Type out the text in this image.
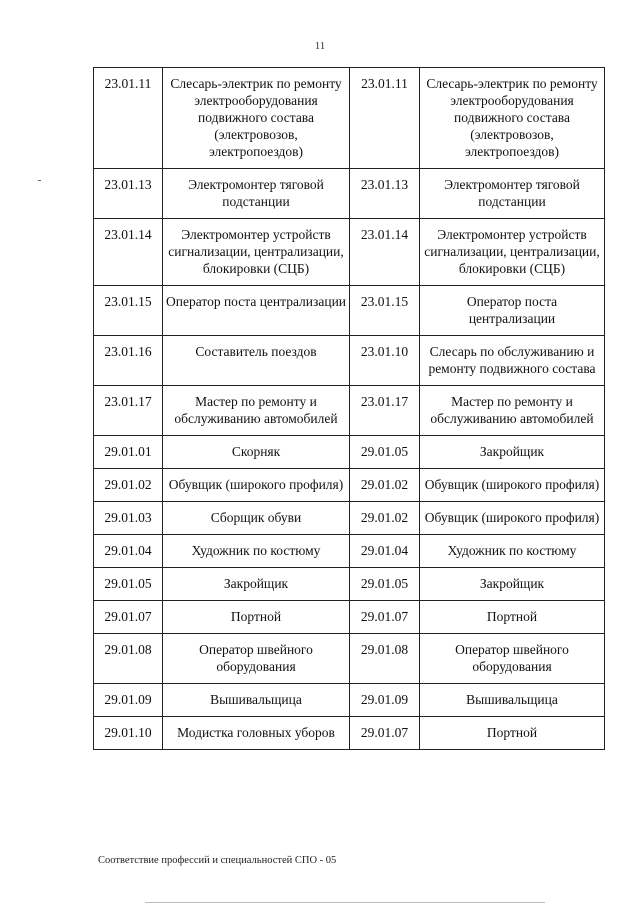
11
23.01.11	Слесарь-электрик по ремонту электрооборудования подвижного состава (электровозов, электропоездов)	23.01.11	Слесарь-электрик по ремонту электрооборудования подвижного состава (электровозов, электропоездов)
23.01.13	Электромонтер тяговой подстанции	23.01.13	Электромонтер тяговой подстанции
23.01.14	Электромонтер устройств сигнализации, централизации, блокировки (СЦБ)	23.01.14	Электромонтер устройств сигнализации, централизации, блокировки (СЦБ)
23.01.15	Оператор поста централизации	23.01.15	Оператор поста централизации
23.01.16	Составитель поездов	23.01.10	Слесарь по обслуживанию и ремонту подвижного состава
23.01.17	Мастер по ремонту и обслуживанию автомобилей	23.01.17	Мастер по ремонту и обслуживанию автомобилей
29.01.01	Скорняк	29.01.05	Закройщик
29.01.02	Обувщик (широкого профиля)	29.01.02	Обувщик (широкого профиля)
29.01.03	Сборщик обуви	29.01.02	Обувщик (широкого профиля)
29.01.04	Художник по костюму	29.01.04	Художник по костюму
29.01.05	Закройщик	29.01.05	Закройщик
29.01.07	Портной	29.01.07	Портной
29.01.08	Оператор швейного оборудования	29.01.08	Оператор швейного оборудования
29.01.09	Вышивальщица	29.01.09	Вышивальщица
29.01.10	Модистка головных уборов	29.01.07	Портной
Соответствие профессий и специальностей СПО - 05
